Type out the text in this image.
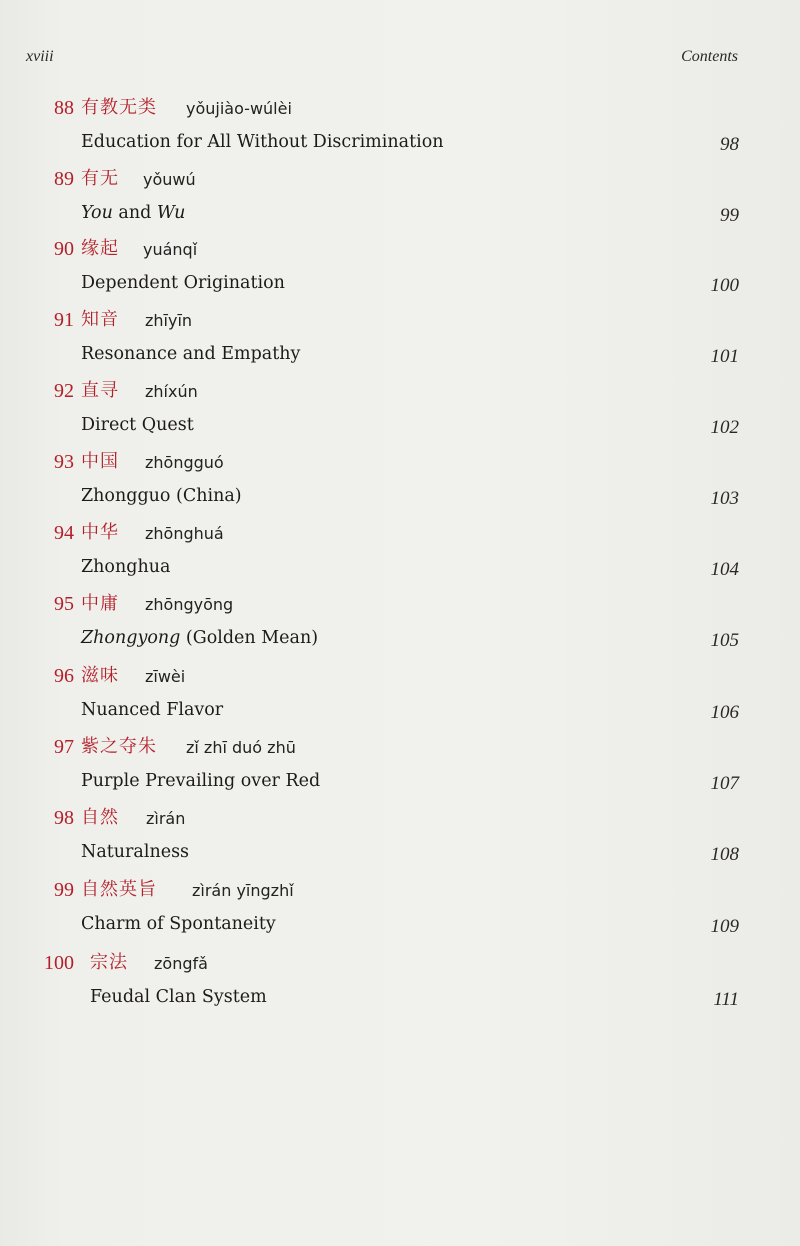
xviii	Contents
88 有教无类 yǒujiào-wúlèi
Education for All Without Discrimination	98
89 有无 yǒuwú
You and Wu	99
90 缘起 yuánqǐ
Dependent Origination	100
91 知音 zhīyīn
Resonance and Empathy	101
92 直寻 zhíxún
Direct Quest	102
93 中国 zhōngguó
Zhongguo (China)	103
94 中华 zhōnghuá
Zhonghua	104
95 中庸 zhōngyōng
Zhongyong (Golden Mean)	105
96 滋味 zīwèi
Nuanced Flavor	106
97 紫之夺朱 zǐ zhī duó zhū
Purple Prevailing over Red	107
98 自然 zìrán
Naturalness	108
99 自然英旨 zìrán yīngzhǐ
Charm of Spontaneity	109
100 宗法 zōngfǎ
Feudal Clan System	111
